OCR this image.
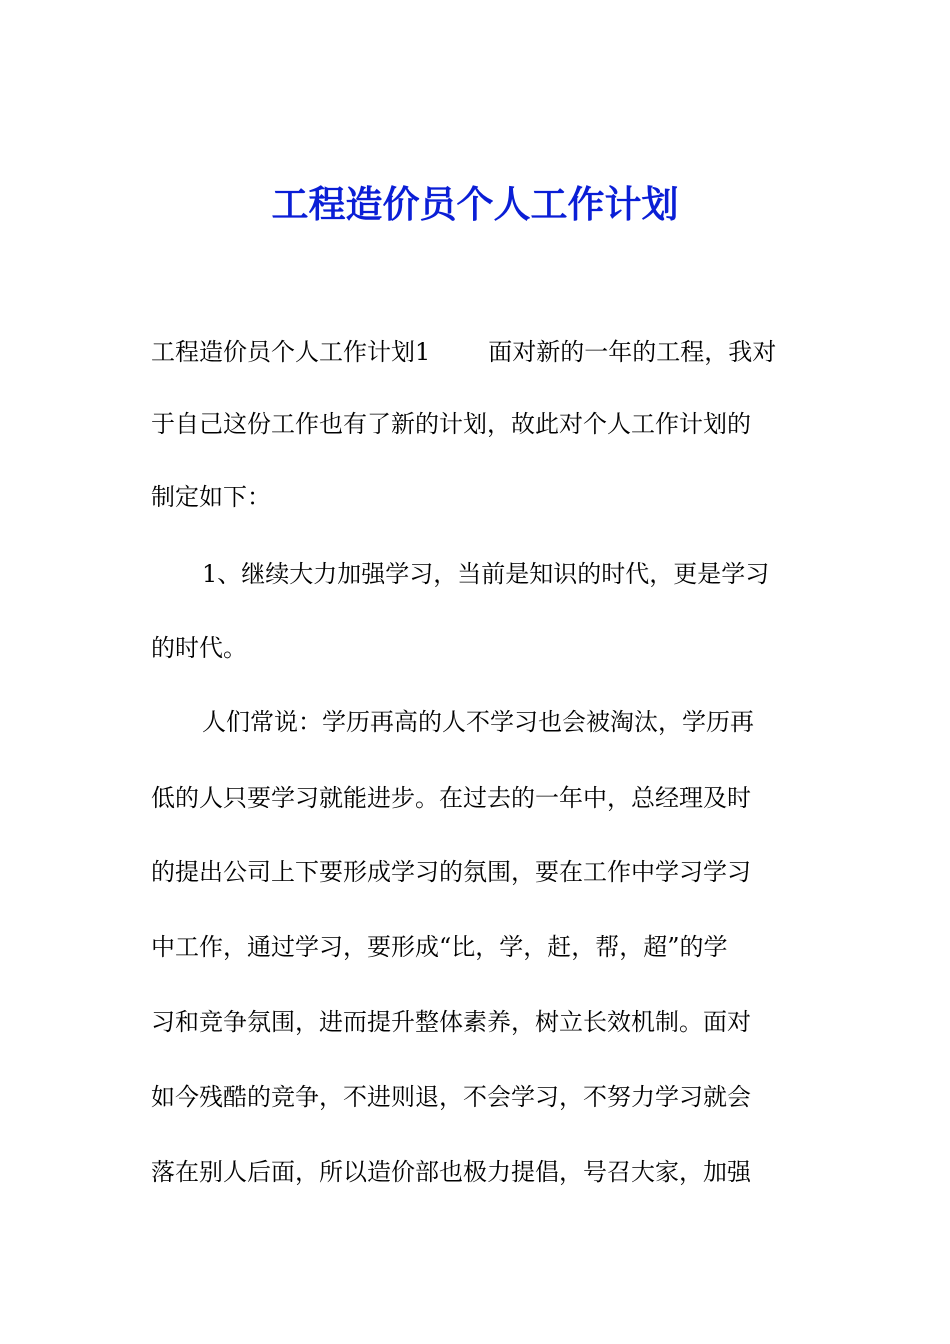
工程造价员个人工作计划

工程造价员个人工作计划1 面对新的一年的工程，我对

于自己这份工作也有了新的计划，故此对个人工作计划的

制定如下：

1、继续大力加强学习，当前是知识的时代，更是学习

的时代。

人们常说：学历再高的人不学习也会被淘汰，学历再

低的人只要学习就能进步。在过去的一年中，总经理及时

的提出公司上下要形成学习的氛围，要在工作中学习学习

中工作，通过学习，要形成“比，学，赶，帮，超”的学

习和竞争氛围，进而提升整体素养，树立长效机制。面对

如今残酷的竞争，不进则退，不会学习，不努力学习就会

落在别人后面，所以造价部也极力提倡，号召大家，加强
